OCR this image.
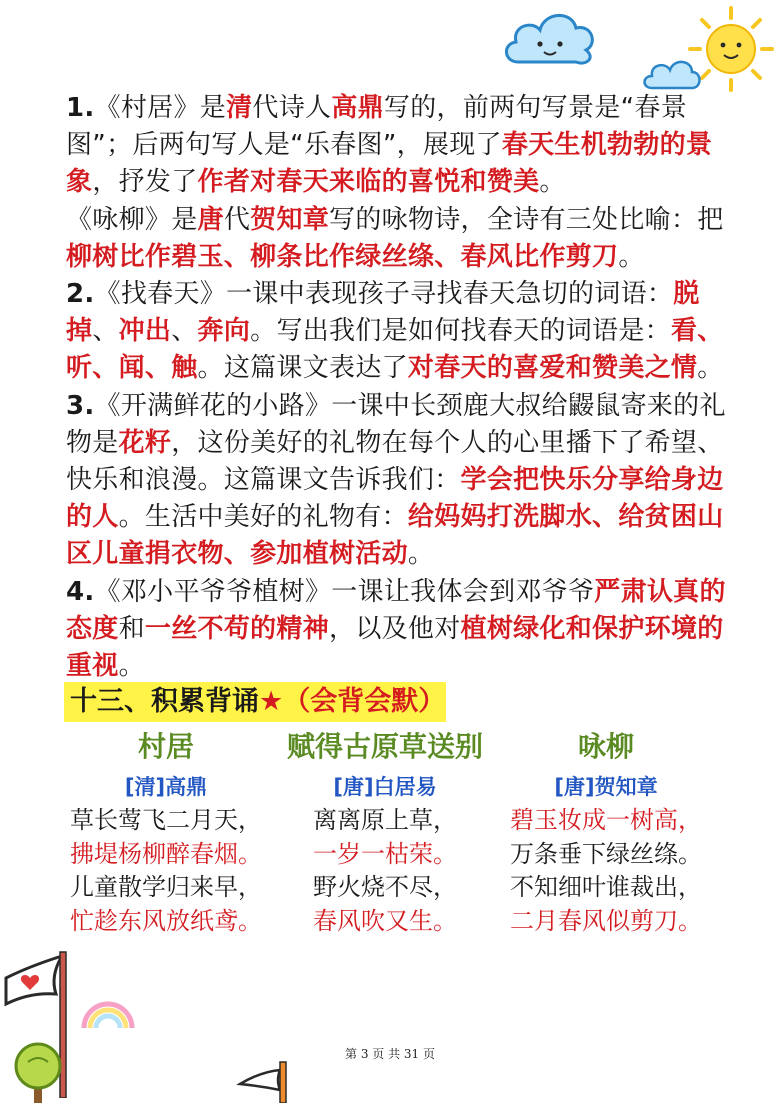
1.《村居》是清代诗人高鼎写的，前两句写景是“春景图”；后两句写人是“乐春图”，展现了春天生机勃勃的景象，抒发了作者对春天来临的喜悦和赞美。
《咏柳》是唐代贺知章写的咏物诗，全诗有三处比喻：把柳树比作碧玉、柳条比作绿丝绦、春风比作剪刀。
2.《找春天》一课中表现孩子寻找春天急切的词语：脱掉、冲出、奔向。写出我们是如何找春天的词语是：看、听、闻、触。这篇课文表达了对春天的喜爱和赞美之情。
3.《开满鲜花的小路》一课中长颈鹿大叔给鼹鼠寄来的礼物是花籽，这份美好的礼物在每个人的心里播下了希望、快乐和浪漫。这篇课文告诉我们：学会把快乐分享给身边的人。生活中美好的礼物有：给妈妈打洗脚水、给贫困山区儿童捐衣物、参加植树活动。
4.《邓小平爷爷植树》一课让我体会到邓爷爷严肃认真的态度和一丝不苟的精神，以及他对植树绿化和保护环境的重视。
十三、积累背诵★（会背会默）
村居
[清]高鼎
草长莺飞二月天，
拂堤杨柳醉春烟。
儿童散学归来早，
忙趁东风放纸鸢。
赋得古原草送别
[唐]白居易
离离原上草，
一岁一枯荣。
野火烧不尽，
春风吹又生。
咏柳
[唐]贺知章
碧玉妆成一树高，
万条垂下绿丝绦。
不知细叶谁裁出，
二月春风似剪刀。
第 3 页 共 31 页
